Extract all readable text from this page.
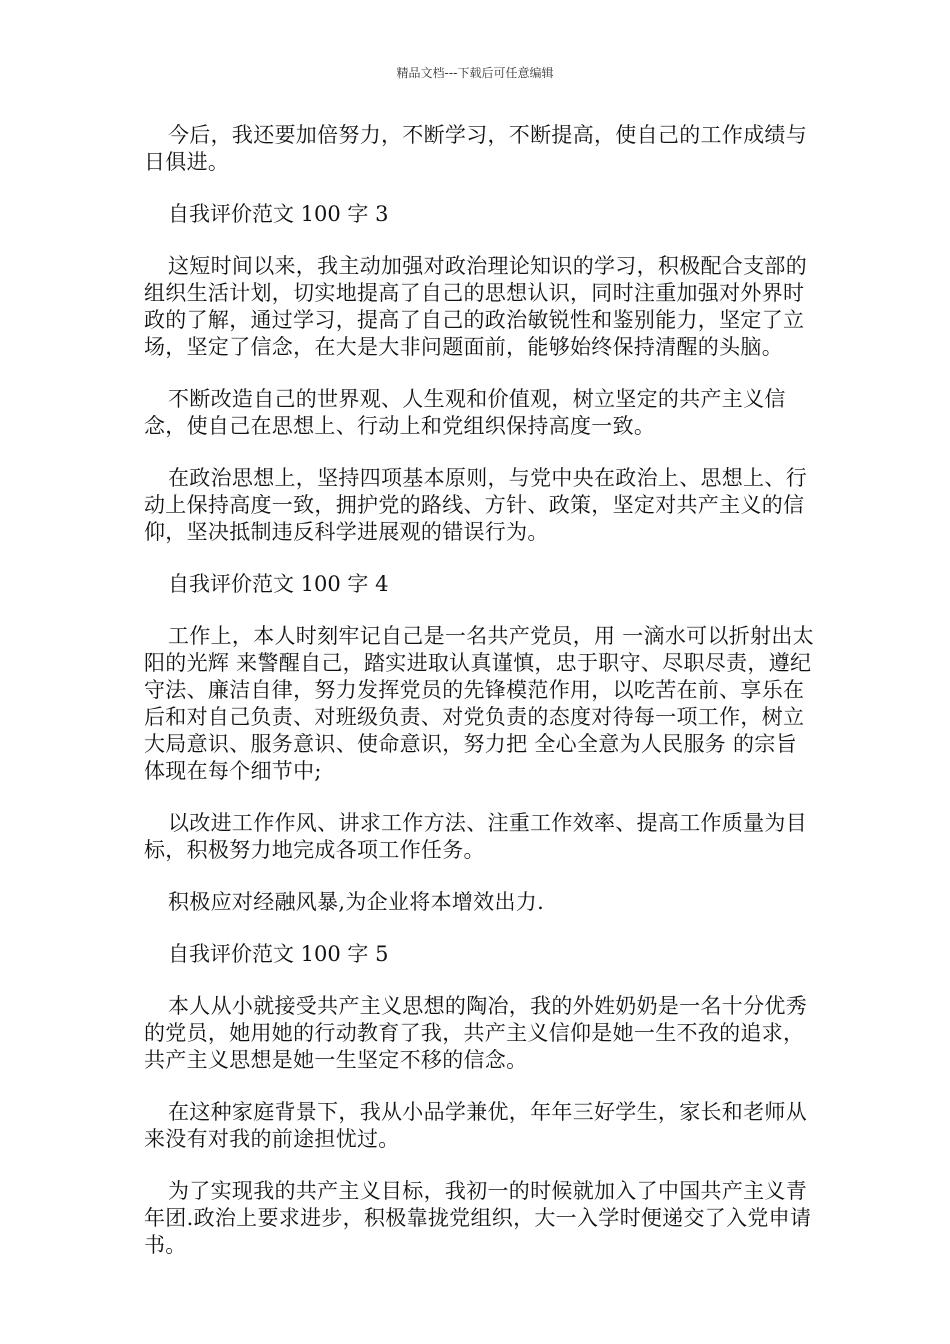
精品文档---下载后可任意编辑

今后，我还要加倍努力，不断学习，不断提高，使自己的工作成绩与日俱进。

自我评价范文 100 字 3

这短时间以来，我主动加强对政治理论知识的学习，积极配合支部的组织生活计划，切实地提高了自己的思想认识，同时注重加强对外界时政的了解，通过学习，提高了自己的政治敏锐性和鉴别能力，坚定了立场，坚定了信念，在大是大非问题面前，能够始终保持清醒的头脑。

不断改造自己的世界观、人生观和价值观，树立坚定的共产主义信念，使自己在思想上、行动上和党组织保持高度一致。

在政治思想上，坚持四项基本原则，与党中央在政治上、思想上、行动上保持高度一致，拥护党的路线、方针、政策，坚定对共产主义的信仰，坚决抵制违反科学进展观的错误行为。

自我评价范文 100 字 4

工作上，本人时刻牢记自己是一名共产党员，用 一滴水可以折射出太阳的光辉 来警醒自己，踏实进取认真谨慎，忠于职守、尽职尽责，遵纪守法、廉洁自律，努力发挥党员的先锋模范作用，以吃苦在前、享乐在后和对自己负责、对班级负责、对党负责的态度对待每一项工作，树立大局意识、服务意识、使命意识，努力把 全心全意为人民服务 的宗旨体现在每个细节中;

以改进工作作风、讲求工作方法、注重工作效率、提高工作质量为目标，积极努力地完成各项工作任务。

积极应对经融风暴,为企业将本增效出力.

自我评价范文 100 字 5

本人从小就接受共产主义思想的陶冶，我的外姓奶奶是一名十分优秀的党员，她用她的行动教育了我，共产主义信仰是她一生不孜的追求，共产主义思想是她一生坚定不移的信念。

在这种家庭背景下，我从小品学兼优，年年三好学生，家长和老师从来没有对我的前途担忧过。

为了实现我的共产主义目标，我初一的时候就加入了中国共产主义青年团.政治上要求进步，积极靠拢党组织，大一入学时便递交了入党申请书。
